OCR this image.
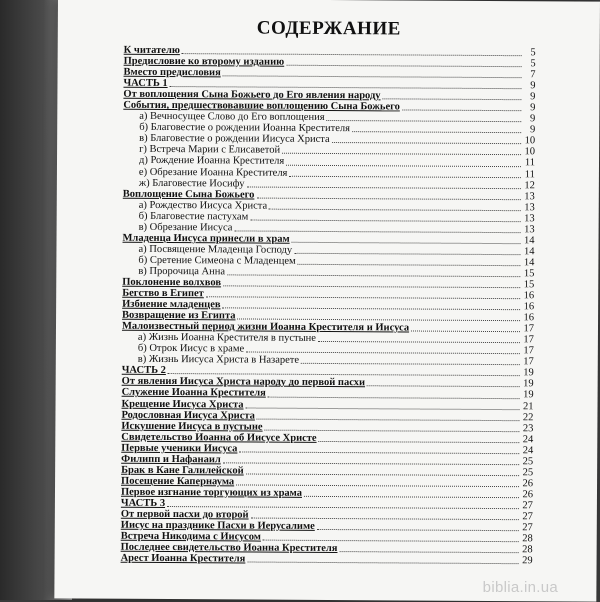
СОДЕРЖАНИЕ
К читателю	5
Предисловие ко второму изданию	5
Вместо предисловия	7
ЧАСТЬ 1	9
От воплощения Сына Божьего до Его явления народу	9
События, предшествовавшие воплощению Сына Божьего	9
а) Вечносущее Слово до Его воплощения	9
б) Благовестие о рождении Иоанна Крестителя	9
в) Благовестие о рождении Иисуса Христа	10
г) Встреча Марии с Елисаветой	10
д) Рождение Иоанна Крестителя	11
е) Обрезание Иоанна Крестителя	11
ж) Благовестие Иосифу	12
Воплощение Сына Божьего	13
а) Рождество Иисуса Христа	13
б) Благовестие пастухам	13
в) Обрезание Иисуса	13
Младенца Иисуса принесли в храм	14
а) Посвящение Младенца Господу	14
б) Сретение Симеона с Младенцем	14
в) Пророчица Анна	15
Поклонение волхвов	15
Бегство в Египет	16
Избиение младенцев	16
Возвращение из Египта	16
Малоизвестный период жизни Иоанна Крестителя и Иисуса	17
а) Жизнь Иоанна Крестителя в пустыне	17
б) Отрок Иисус в храме	17
в) Жизнь Иисуса Христа в Назарете	17
ЧАСТЬ 2	19
От явления Иисуса Христа народу до первой пасхи	19
Служение Иоанна Крестителя	19
Крещение Иисуса Христа	21
Родословная Иисуса Христа	22
Искушение Иисуса в пустыне	23
Свидетельство Иоанна об Иисусе Христе	24
Первые ученики Иисуса	24
Филипп и Нафанаил	25
Брак в Кане Галилейской	25
Посещение Капернаума	26
Первое изгнание торгующих из храма	26
ЧАСТЬ 3	27
От первой пасхи до второй	27
Иисус на празднике Пасхи в Иерусалиме	27
Встреча Никодима с Иисусом	28
Последнее свидетельство Иоанна Крестителя	28
Арест Иоанна Крестителя	29
biblia.in.ua
